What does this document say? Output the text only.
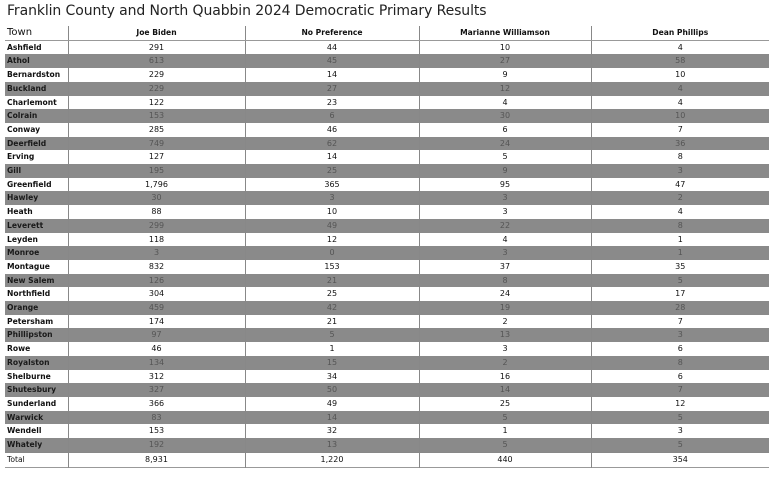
Franklin County and North Quabbin 2024 Democratic Primary Results
Town	Joe Biden	No Preference	Marianne Williamson	Dean Phillips
Ashfield	291	44	10	4
Athol	613	45	27	58
Bernardston	229	14	9	10
Buckland	229	27	12	4
Charlemont	122	23	4	4
Colrain	153	6	30	10
Conway	285	46	6	7
Deerfield	749	62	24	36
Erving	127	14	5	8
Gill	195	25	9	3
Greenfield	1,796	365	95	47
Hawley	30	3	3	2
Heath	88	10	3	4
Leverett	299	49	22	8
Leyden	118	12	4	1
Monroe	3	0	3	1
Montague	832	153	37	35
New Salem	126	21	8	5
Northfield	304	25	24	17
Orange	459	42	19	28
Petersham	174	21	2	7
Phillipston	97	5	13	3
Rowe	46	1	3	6
Royalston	134	15	2	8
Shelburne	312	34	16	6
Shutesbury	327	50	14	7
Sunderland	366	49	25	12
Warwick	83	14	5	5
Wendell	153	32	1	3
Whately	192	13	5	5
Total	8,931	1,220	440	354
